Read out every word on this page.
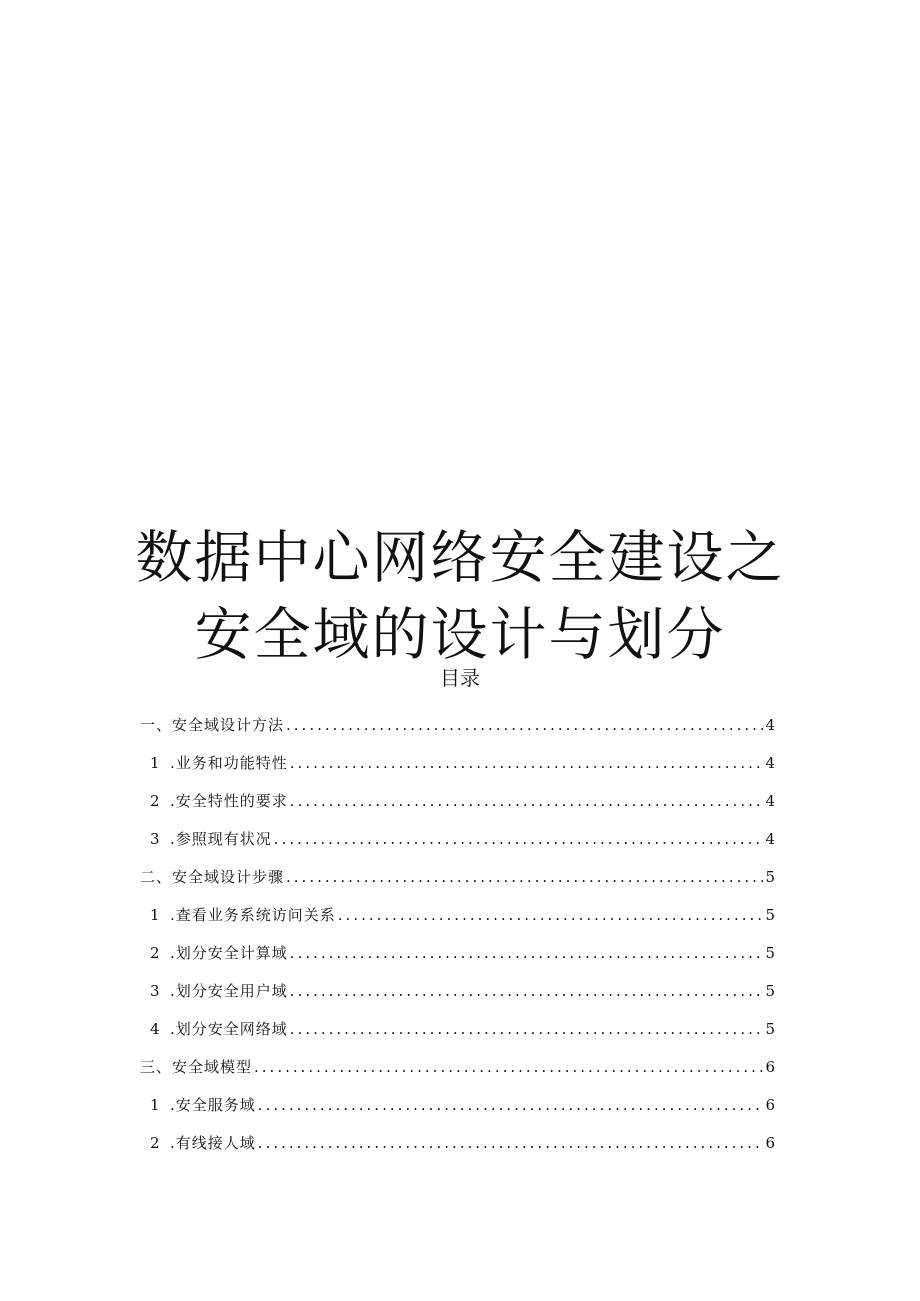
数据中心网络安全建设之
安全域的设计与划分
目录
一、安全域设计方法 .....	4
1 .业务和功能特性 .....	4
2 .安全特性的要求 .....	4
3 .参照现有状况 .....	4
二、安全域设计步骤 .....	5
1 .查看业务系统访问关系 .....	5
2 .划分安全计算域 .....	5
3 .划分安全用户域 .....	5
4 .划分安全网络域 .....	5
三、安全域模型 .....	6
1 .安全服务域 .....	6
2 .有线接人域 .....	6
